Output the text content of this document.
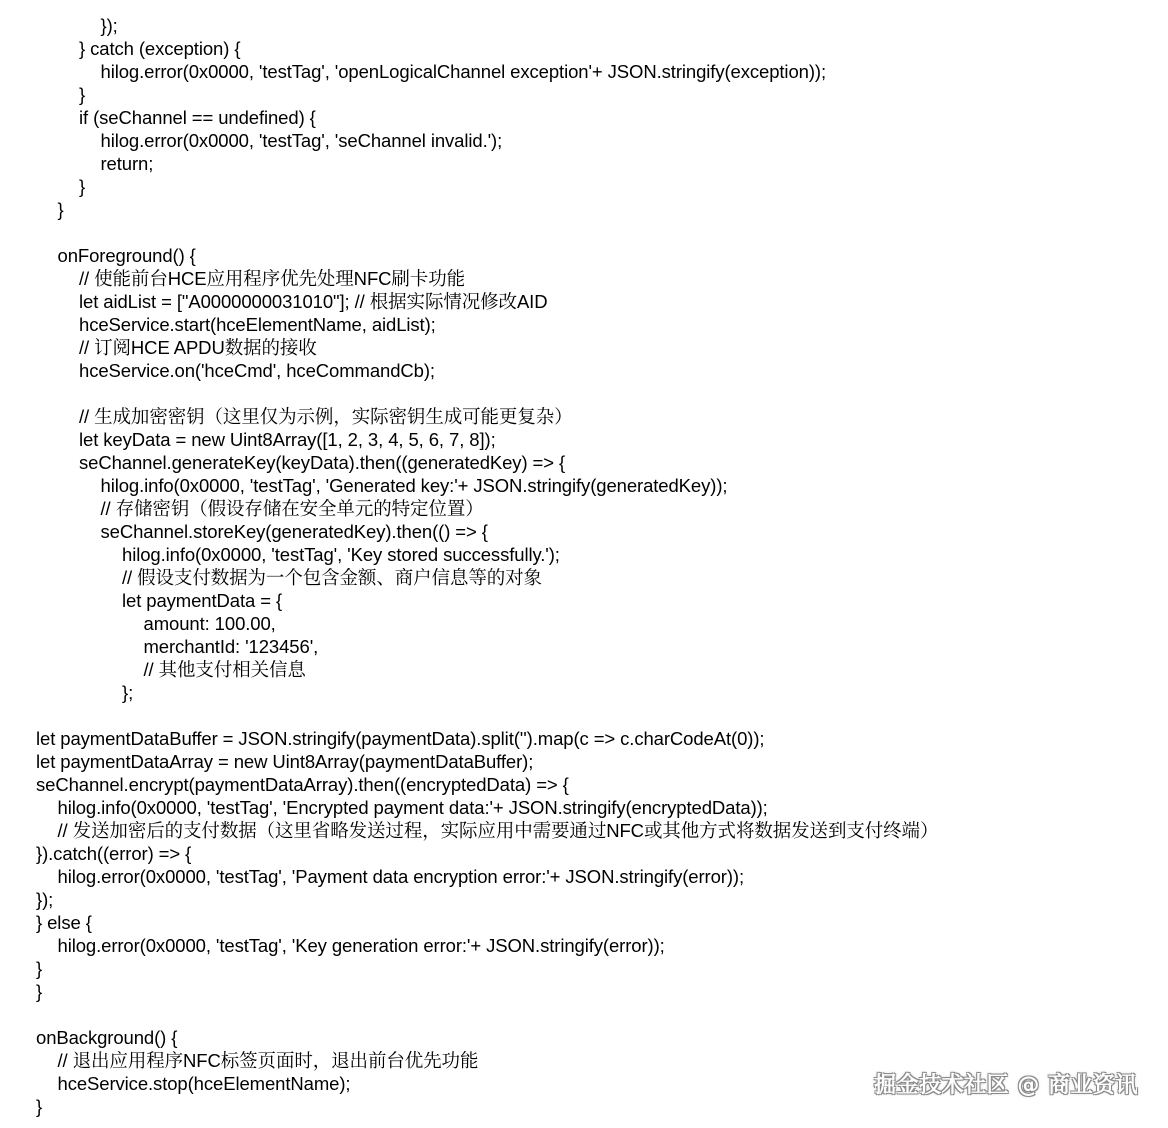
});
} catch (exception) {
hilog.error(0x0000, 'testTag', 'openLogicalChannel exception'+ JSON.stringify(exception));
}
if (seChannel == undefined) {
hilog.error(0x0000, 'testTag', 'seChannel invalid.');
return;
}
}
onForeground() {
// 使能前台HCE应用程序优先处理NFC刷卡功能
let aidList = ["A0000000031010"]; // 根据实际情况修改AID
hceService.start(hceElementName, aidList);
// 订阅HCE APDU数据的接收
hceService.on('hceCmd', hceCommandCb);
// 生成加密密钥（这里仅为示例，实际密钥生成可能更复杂）
let keyData = new Uint8Array([1, 2, 3, 4, 5, 6, 7, 8]);
seChannel.generateKey(keyData).then((generatedKey) => {
hilog.info(0x0000, 'testTag', 'Generated key:'+ JSON.stringify(generatedKey));
// 存储密钥（假设存储在安全单元的特定位置）
seChannel.storeKey(generatedKey).then(() => {
hilog.info(0x0000, 'testTag', 'Key stored successfully.');
// 假设支付数据为一个包含金额、商户信息等的对象
let paymentData = {
amount: 100.00,
merchantId: '123456',
// 其他支付相关信息
};
let paymentDataBuffer = JSON.stringify(paymentData).split('').map(c => c.charCodeAt(0));
let paymentDataArray = new Uint8Array(paymentDataBuffer);
seChannel.encrypt(paymentDataArray).then((encryptedData) => {
hilog.info(0x0000, 'testTag', 'Encrypted payment data:'+ JSON.stringify(encryptedData));
// 发送加密后的支付数据（这里省略发送过程，实际应用中需要通过NFC或其他方式将数据发送到支付终端）
}).catch((error) => {
hilog.error(0x0000, 'testTag', 'Payment data encryption error:'+ JSON.stringify(error));
});
} else {
hilog.error(0x0000, 'testTag', 'Key generation error:'+ JSON.stringify(error));
}
}
onBackground() {
// 退出应用程序NFC标签页面时，退出前台优先功能
hceService.stop(hceElementName);
}
掘金技术社区 @ 商业资讯
